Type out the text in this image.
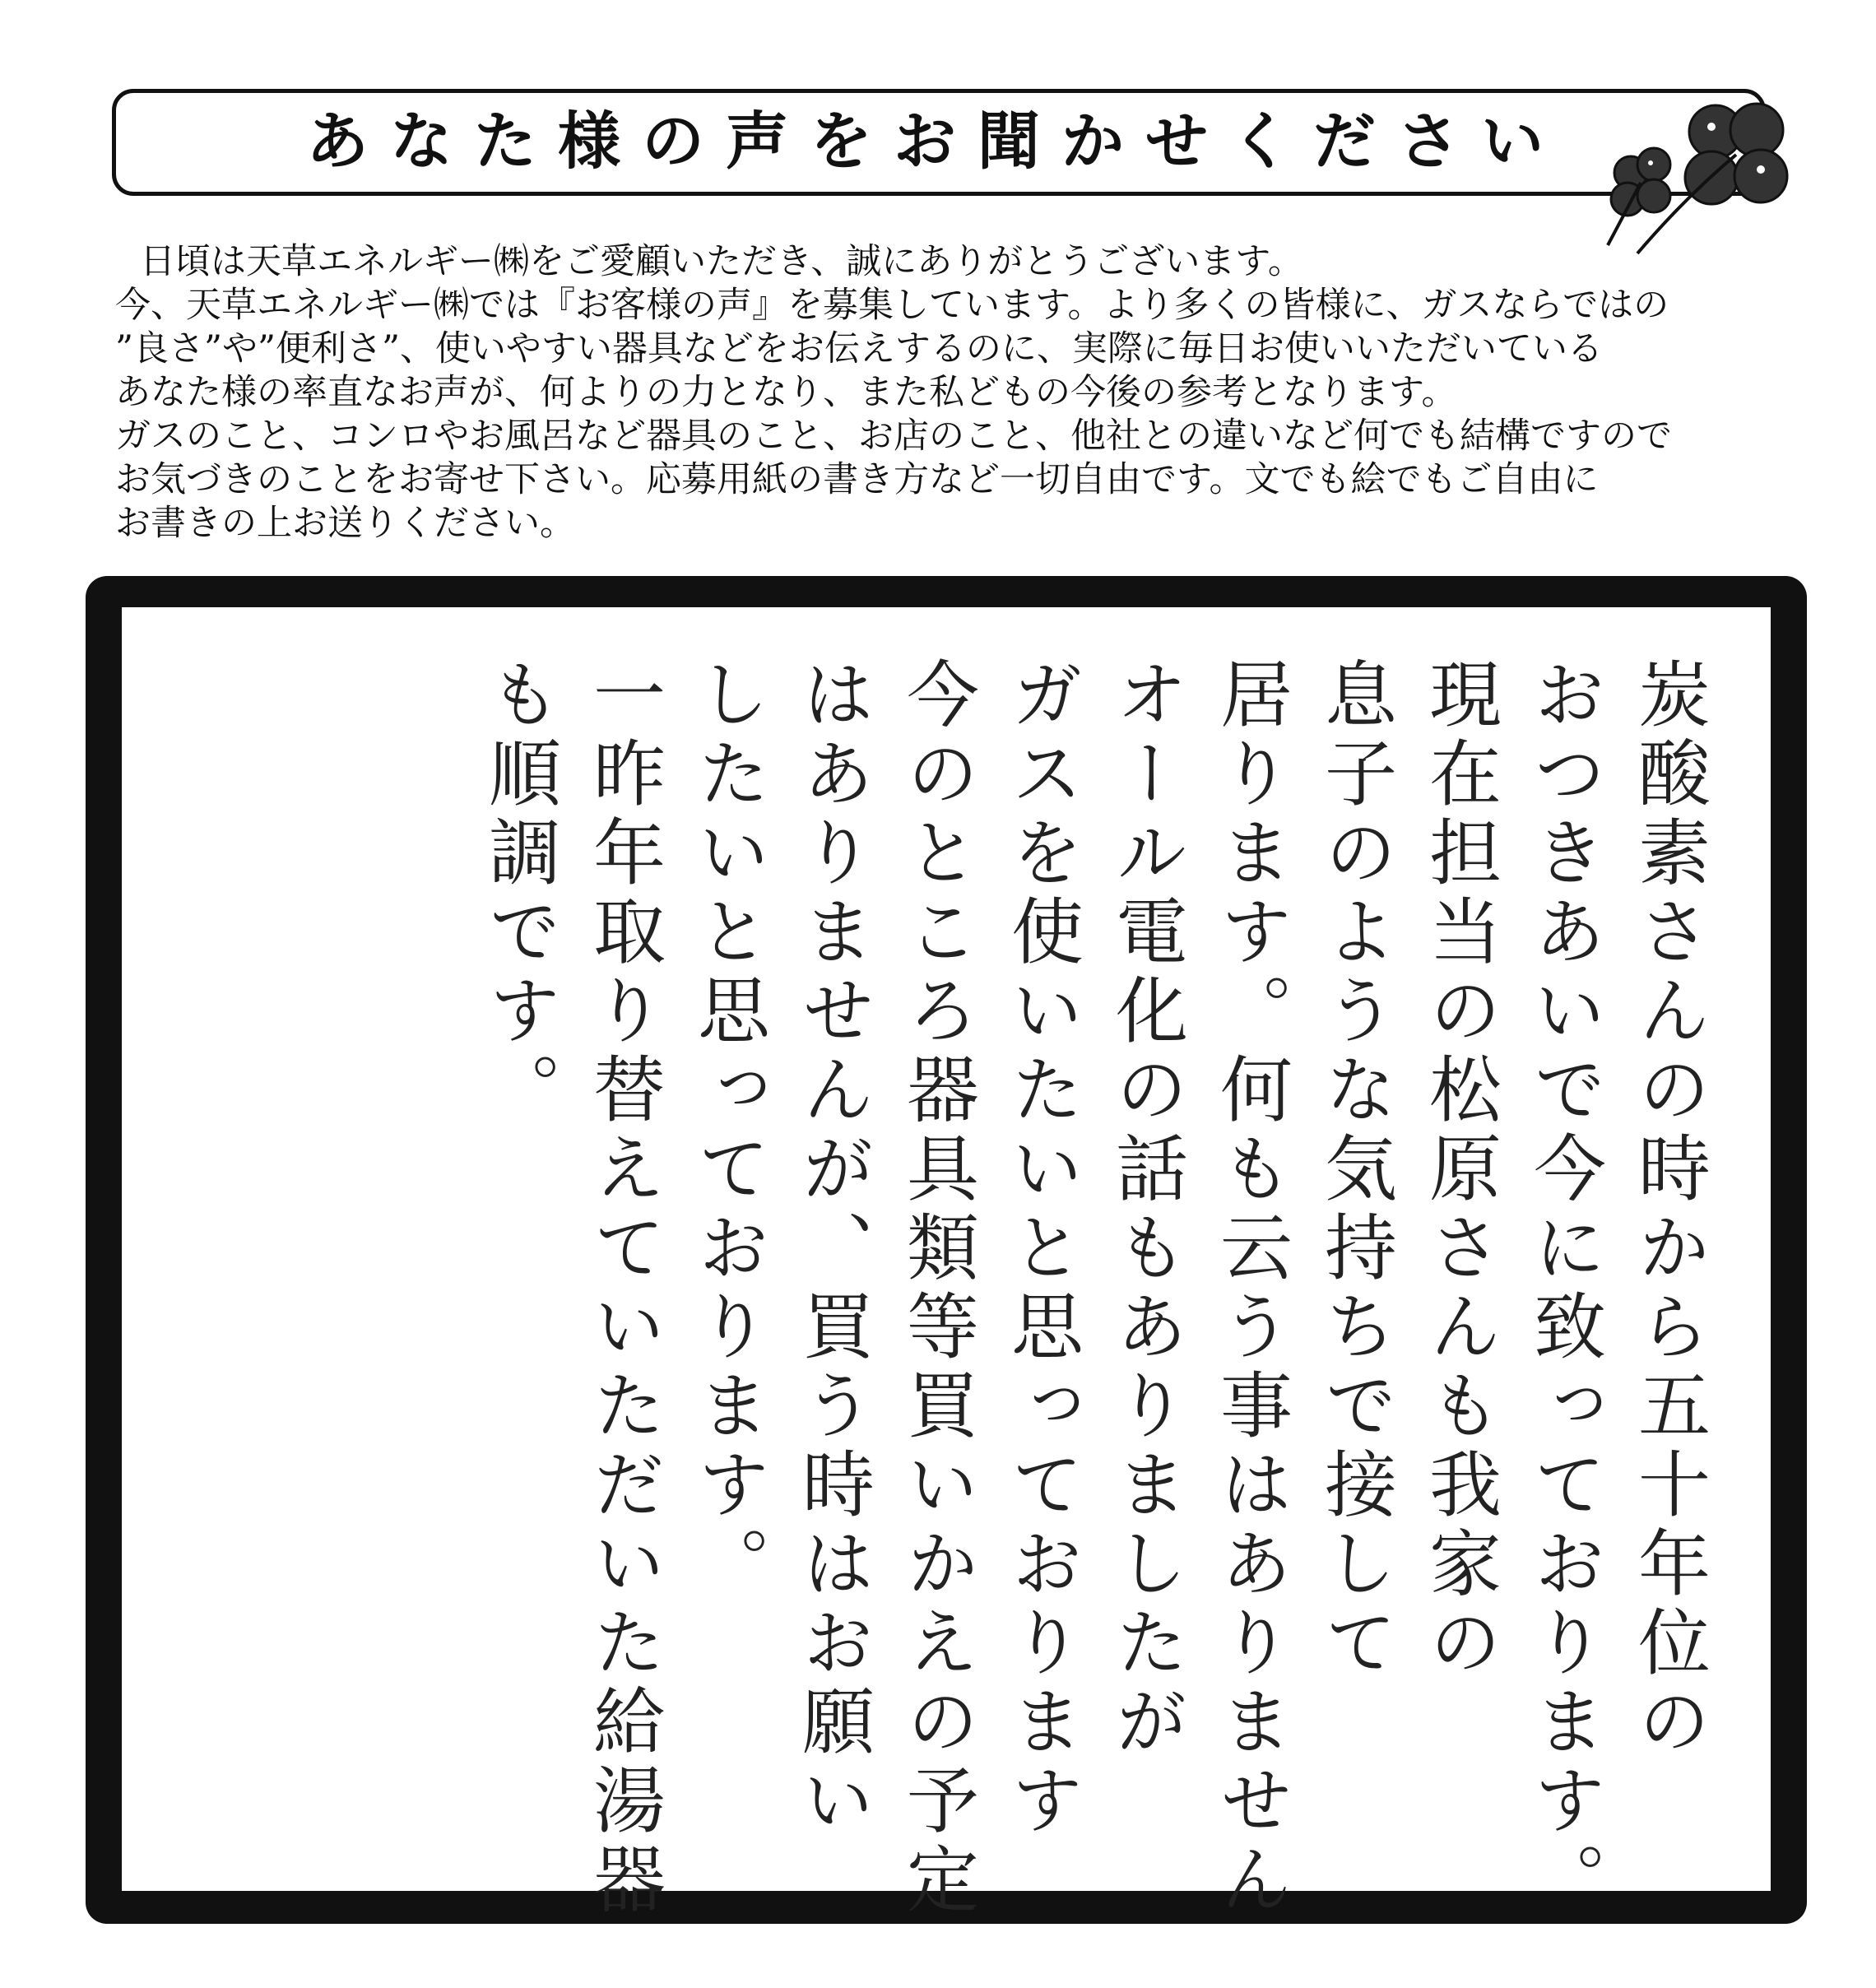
あなた様の声をお聞かせください
日頃は天草エネルギー㈱をご愛顧いただき、誠にありがとうございます。
今、天草エネルギー㈱では『お客様の声』を募集しています。より多くの皆様に、ガスならではの
”良さ”や”便利さ”、使いやすい器具などをお伝えするのに、実際に毎日お使いいただいている
あなた様の率直なお声が、何よりの力となり、また私どもの今後の参考となります。
ガスのこと、コンロやお風呂など器具のこと、お店のこと、他社との違いなど何でも結構ですので
お気づきのことをお寄せ下さい。応募用紙の書き方など一切自由です。文でも絵でもご自由に
お書きの上お送りください。
炭酸素さんの時から五十年位の
おつきあいで今に致っております。
現在担当の松原さんも我家の
息子のような気持ちで接して
居ります。何も云う事はありません
オール電化の話もありましたが
ガスを使いたいと思っております
今のところ器具類等買いかえの予定
はありませんが、買う時はお願い
したいと思っております。
一昨年取り替えていただいた給湯器
も順調です。
